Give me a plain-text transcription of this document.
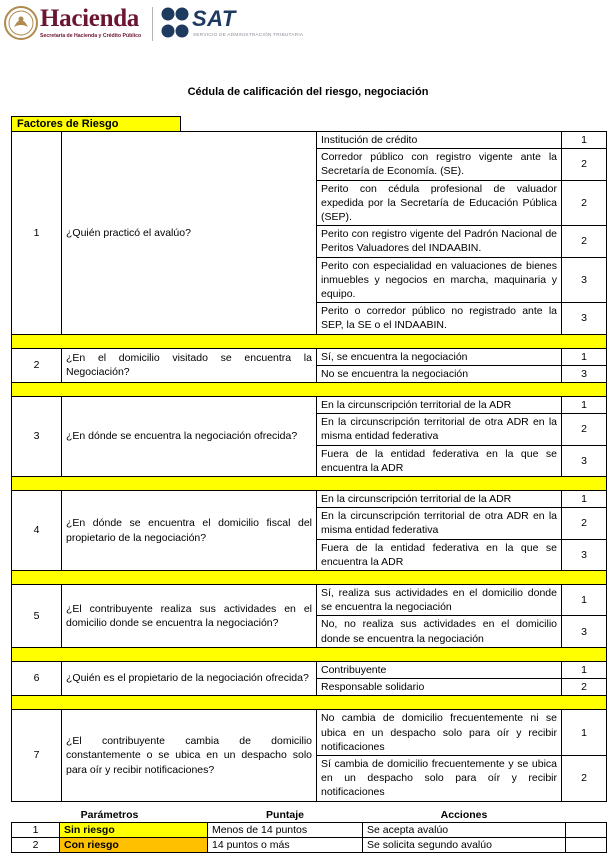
Hacienda
Secretaría de Hacienda y Crédito Público
SAT
SERVICIO DE ADMINISTRACIÓN TRIBUTARIA
Cédula de calificación del riesgo, negociación
Factores de Riesgo
1	¿Quién practicó el avalúo?	Institución de crédito	1
		Corredor público con registro vigente ante la Secretaría de Economía. (SE).	2
		Perito con cédula profesional de valuador expedida por la Secretaría de Educación Pública (SEP).	2
		Perito con registro vigente del Padrón Nacional de Peritos Valuadores del INDAABIN.	2
		Perito con especialidad en valuaciones de bienes inmuebles y negocios en marcha, maquinaria y equipo.	3
		Perito o corredor público no registrado ante la SEP, la SE o el INDAABIN.	3

2	¿En el domicilio visitado se encuentra la Negociación?	Sí, se encuentra la negociación	1
		No se encuentra la negociación	3

3	¿En dónde se encuentra la negociación ofrecida?	En la circunscripción territorial de la ADR	1
		En la circunscripción territorial de otra ADR en la misma entidad federativa	2
		Fuera de la entidad federativa en la que se encuentra la ADR	3

4	¿En dónde se encuentra el domicilio fiscal del propietario de la negociación?	En la circunscripción territorial de la ADR	1
		En la circunscripción territorial de otra ADR en la misma entidad federativa	2
		Fuera de la entidad federativa en la que se encuentra la ADR	3

5	¿El contribuyente realiza sus actividades en el domicilio donde se encuentra la negociación?	Sí, realiza sus actividades en el domicilio donde se encuentra la negociación	1
		No, no realiza sus actividades en el domicilio donde se encuentra la negociación	3

6	¿Quién es el propietario de la negociación ofrecida?	Contribuyente	1
		Responsable solidario	2

7	¿El contribuyente cambia de domicilio constantemente o se ubica en un despacho solo para oír y recibir notificaciones?	No cambia de domicilio frecuentemente ni se ubica en un despacho solo para oír y recibir notificaciones	1
		Sí cambia de domicilio frecuentemente y se ubica en un despacho solo para oír y recibir notificaciones	2
Parámetros		Puntaje	Acciones	
1	Sin riesgo	Menos de 14 puntos	Se acepta avalúo	
2	Con riesgo	14 puntos o más	Se solicita segundo avalúo	
